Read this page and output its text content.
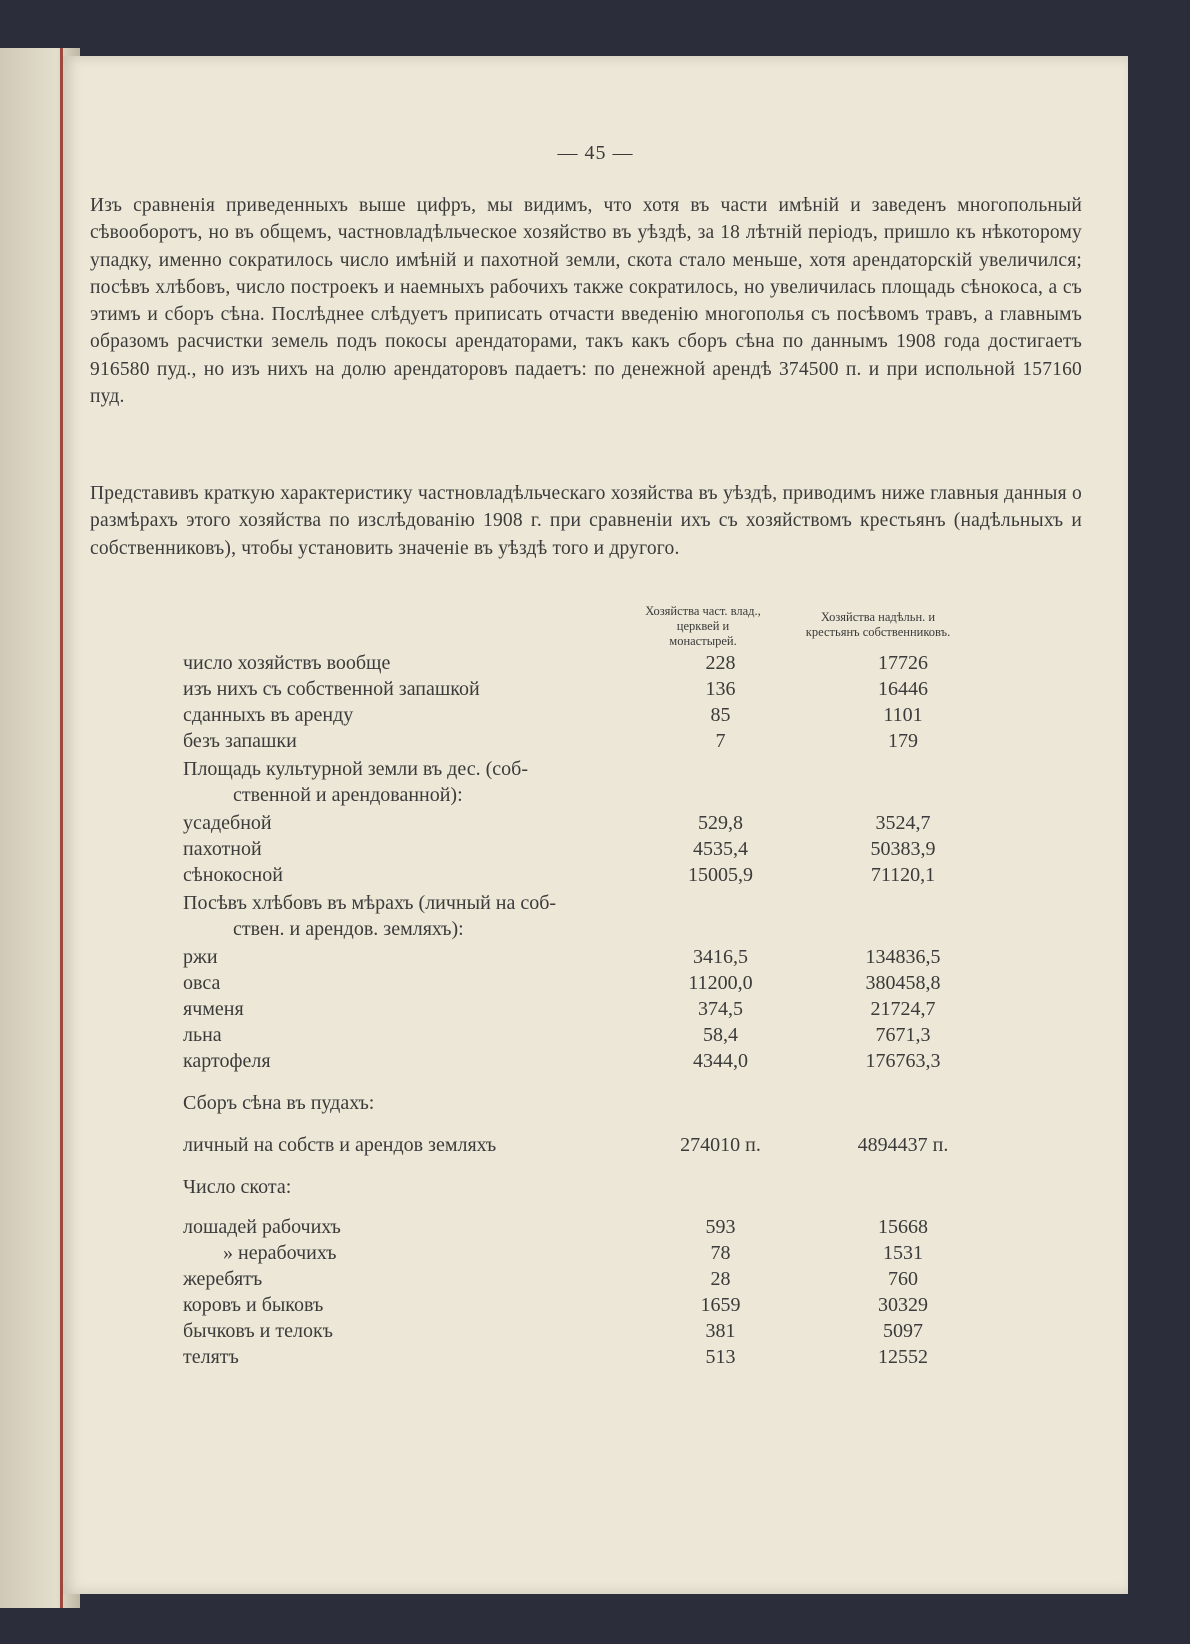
— 45 —

Изъ сравненія приведенныхъ выше цифръ, мы видимъ, что хотя въ части имѣній и заведенъ многопольный сѣвооборотъ, но въ общемъ, частновладѣльческое хозяйство въ уѣздѣ, за 18 лѣтній періодъ, пришло къ нѣкоторому упадку, именно сократилось число имѣній и пахотной земли, скота стало меньше, хотя арендаторскій увеличился; посѣвъ хлѣбовъ, число построекъ и наемныхъ рабочихъ также сократилось, но увеличилась площадь сѣнокоса, а съ этимъ и сборъ сѣна. Послѣднее слѣдуетъ приписать отчасти введенію многополья съ посѣвомъ травъ, а главнымъ образомъ расчистки земель подъ покосы арендаторами, такъ какъ сборъ сѣна по даннымъ 1908 года достигаетъ 916580 пуд., но изъ нихъ на долю арендаторовъ падаетъ: по денежной арендѣ 374500 п. и при испольной 157160 пуд.

Представивъ краткую характеристику частновладѣльческаго хозяйства въ уѣздѣ, приводимъ ниже главныя данныя о размѣрахъ этого хозяйства по изслѣдованію 1908 г. при сравненіи ихъ съ хозяйствомъ крестьянъ (надѣльныхъ и собственниковъ), чтобы установить значеніе въ уѣздѣ того и другого.

Хозяйства част. влад., церквей и монастырей.
Хозяйства надѣльн. и крестьянъ собственниковъ.
число хозяйствъ вообще	228	17726
изъ нихъ съ собственной запашкой	136	16446
сданныхъ въ аренду	85	1101
безъ запашки	7	179
Площадь культурной земли въ дес. (соб-
ственной и арендованной):
усадебной	529,8	3524,7
пахотной	4535,4	50383,9
сѣнокосной	15005,9	71120,1
Посѣвъ хлѣбовъ въ мѣрахъ (личный на соб-
ствен. и арендов. земляхъ):
ржи	3416,5	134836,5
овса	11200,0	380458,8
ячменя	374,5	21724,7
льна	58,4	7671,3
картофеля	4344,0	176763,3
Сборъ сѣна въ пудахъ:
личный на собств и арендов земляхъ	274010 п.	4894437 п.
Число скота:
лошадей рабочихъ	593	15668
» нерабочихъ	78	1531
жеребятъ	28	760
коровъ и быковъ	1659	30329
бычковъ и телокъ	381	5097
телятъ	513	12552
